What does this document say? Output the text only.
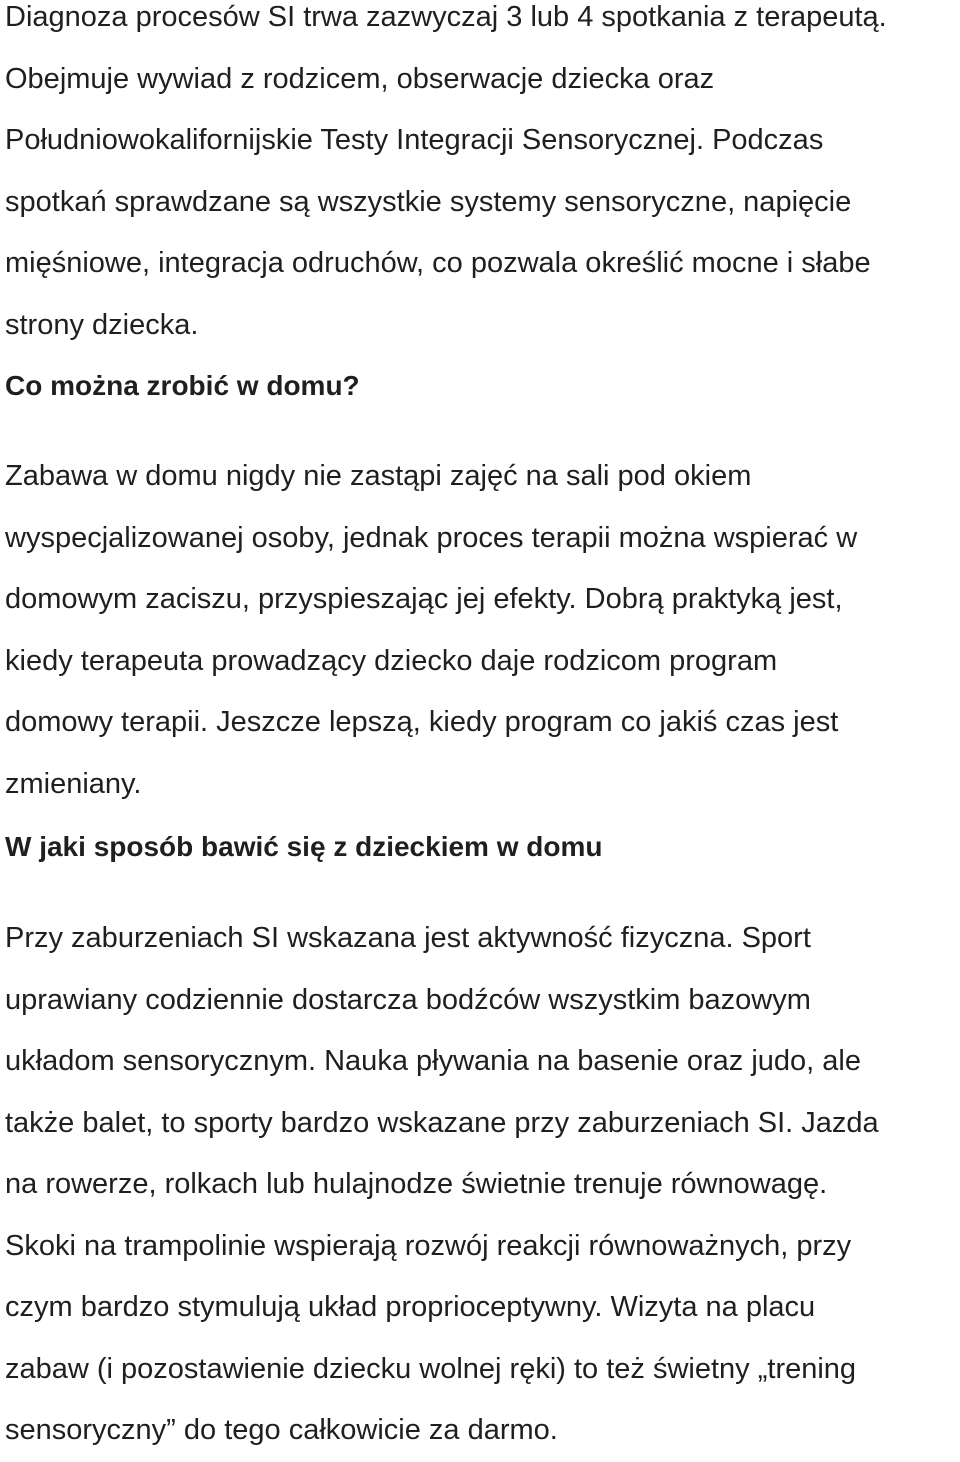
Diagnoza procesów SI trwa zazwyczaj 3 lub 4 spotkania z terapeutą.
Obejmuje wywiad z rodzicem, obserwacje dziecka oraz
Południowokalifornijskie Testy Integracji Sensorycznej. Podczas
spotkań sprawdzane są wszystkie systemy sensoryczne, napięcie
mięśniowe, integracja odruchów, co pozwala określić mocne i słabe
strony dziecka.

Co można zrobić w domu?

Zabawa w domu nigdy nie zastąpi zajęć na sali pod okiem
wyspecjalizowanej osoby, jednak proces terapii można wspierać w
domowym zaciszu, przyspieszając jej efekty. Dobrą praktyką jest,
kiedy terapeuta prowadzący dziecko daje rodzicom program
domowy terapii. Jeszcze lepszą, kiedy program co jakiś czas jest
zmieniany.

W jaki sposób bawić się z dzieckiem w domu

Przy zaburzeniach SI wskazana jest aktywność fizyczna. Sport
uprawiany codziennie dostarcza bodźców wszystkim bazowym
układom sensorycznym. Nauka pływania na basenie oraz judo, ale
także balet, to sporty bardzo wskazane przy zaburzeniach SI. Jazda
na rowerze, rolkach lub hulajnodze świetnie trenuje równowagę.
Skoki na trampolinie wspierają rozwój reakcji równoważnych, przy
czym bardzo stymulują układ proprioceptywny. Wizyta na placu
zabaw (i pozostawienie dziecku wolnej ręki) to też świetny „trening
sensoryczny” do tego całkowicie za darmo.
